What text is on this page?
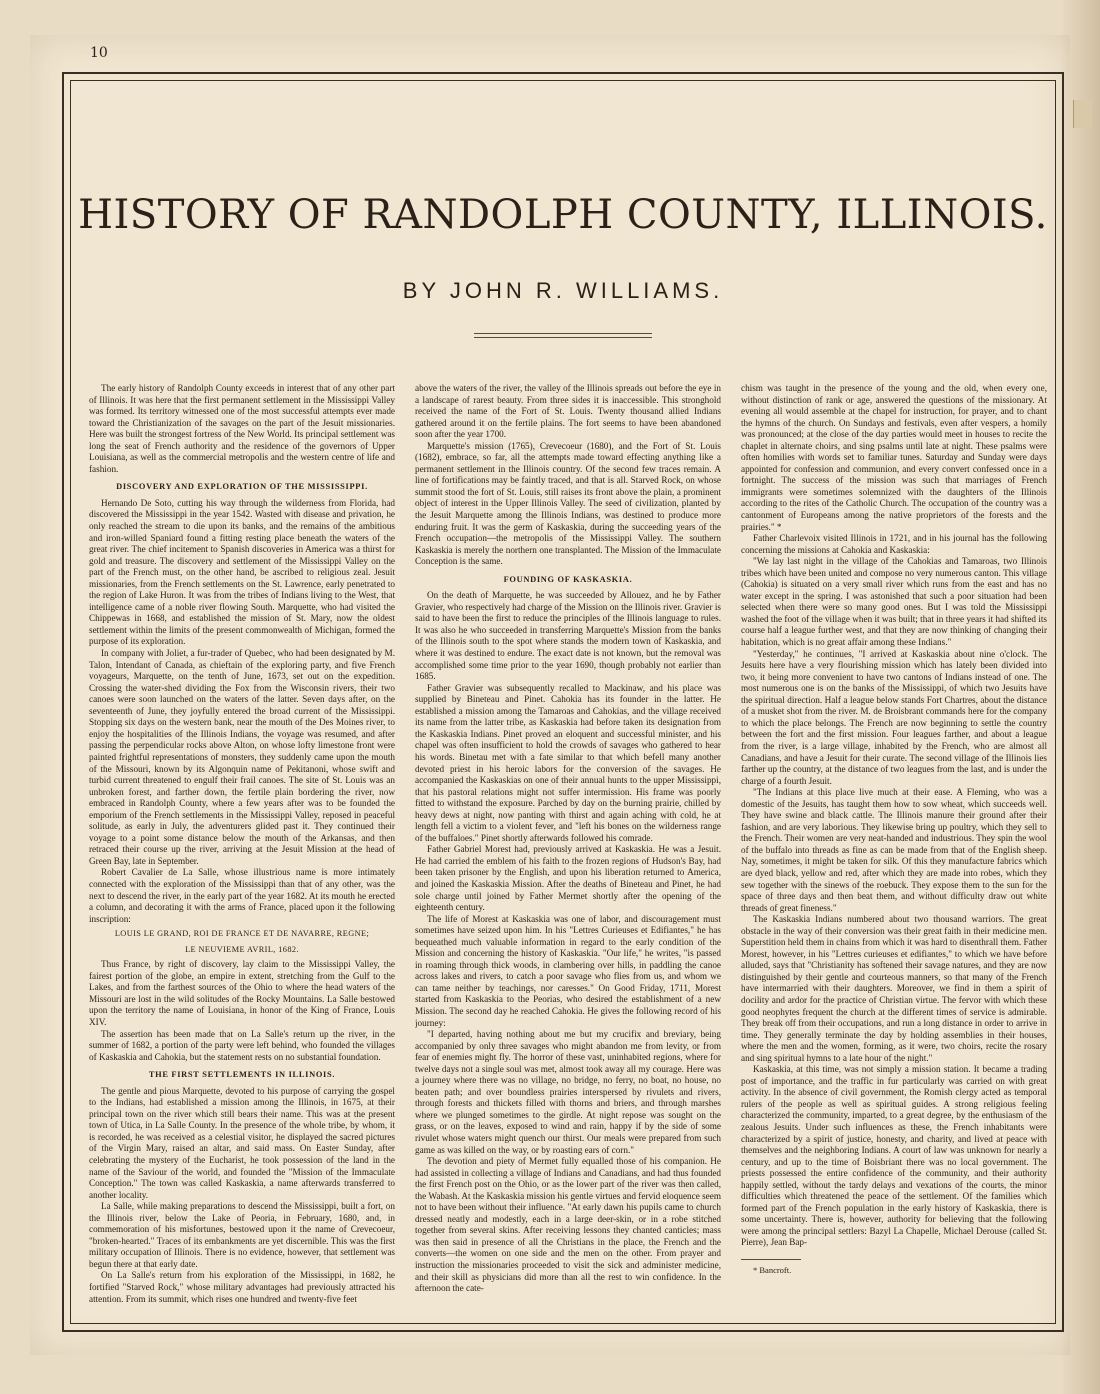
10
HISTORY OF RANDOLPH COUNTY, ILLINOIS.
BY JOHN R. WILLIAMS.

The early history of Randolph County exceeds in interest that of any other part of Illinois. It was here that the first permanent settlement in the Mississippi Valley was formed. Its territory witnessed one of the most successful attempts ever made toward the Christianization of the savages on the part of the Jesuit missionaries. Here was built the strongest fortress of the New World. Its principal settlement was long the seat of French authority and the residence of the governors of Upper Louisiana, as well as the commercial metropolis and the western centre of life and fashion.

DISCOVERY AND EXPLORATION OF THE MISSISSIPPI.

Hernando De Soto, cutting his way through the wilderness from Florida, had discovered the Mississippi in the year 1542. Wasted with disease and privation, he only reached the stream to die upon its banks, and the remains of the ambitious and iron-willed Spaniard found a fitting resting place beneath the waters of the great river. The chief incitement to Spanish discoveries in America was a thirst for gold and treasure. The discovery and settlement of the Mississippi Valley on the part of the French must, on the other hand, be ascribed to religious zeal. Jesuit missionaries, from the French settlements on the St. Lawrence, early penetrated to the region of Lake Huron. It was from the tribes of Indians living to the West, that intelligence came of a noble river flowing South. Marquette, who had visited the Chippewas in 1668, and established the mission of St. Mary, now the oldest settlement within the limits of the present commonwealth of Michigan, formed the purpose of its exploration.

In company with Joliet, a fur-trader of Quebec, who had been designated by M. Talon, Intendant of Canada, as chieftain of the exploring party, and five French voyageurs, Marquette, on the tenth of June, 1673, set out on the expedition. Crossing the water-shed dividing the Fox from the Wisconsin rivers, their two canoes were soon launched on the waters of the latter. Seven days after, on the seventeenth of June, they joyfully entered the broad current of the Mississippi. Stopping six days on the western bank, near the mouth of the Des Moines river, to enjoy the hospitalities of the Illinois Indians, the voyage was resumed, and after passing the perpendicular rocks above Alton, on whose lofty limestone front were painted frightful representations of monsters, they suddenly came upon the mouth of the Missouri, known by its Algonquin name of Pekitanoni, whose swift and turbid current threatened to engulf their frail canoes. The site of St. Louis was an unbroken forest, and farther down, the fertile plain bordering the river, now embraced in Randolph County, where a few years after was to be founded the emporium of the French settlements in the Mississippi Valley, reposed in peaceful solitude, as early in July, the adventurers glided past it. They continued their voyage to a point some distance below the mouth of the Arkansas, and then retraced their course up the river, arriving at the Jesuit Mission at the head of Green Bay, late in September.

Robert Cavalier de La Salle, whose illustrious name is more intimately connected with the exploration of the Mississippi than that of any other, was the next to descend the river, in the early part of the year 1682. At its mouth he erected a column, and decorating it with the arms of France, placed upon it the following inscription:

LOUIS LE GRAND, ROI DE FRANCE ET DE NAVARRE, REGNE;

LE NEUVIEME AVRIL, 1682.

Thus France, by right of discovery, lay claim to the Mississippi Valley, the fairest portion of the globe, an empire in extent, stretching from the Gulf to the Lakes, and from the farthest sources of the Ohio to where the head waters of the Missouri are lost in the wild solitudes of the Rocky Mountains. La Salle bestowed upon the territory the name of Louisiana, in honor of the King of France, Louis XIV.

The assertion has been made that on La Salle's return up the river, in the summer of 1682, a portion of the party were left behind, who founded the villages of Kaskaskia and Cahokia, but the statement rests on no substantial foundation.

THE FIRST SETTLEMENTS IN ILLINOIS.

The gentle and pious Marquette, devoted to his purpose of carrying the gospel to the Indians, had established a mission among the Illinois, in 1675, at their principal town on the river which still bears their name. This was at the present town of Utica, in La Salle County. In the presence of the whole tribe, by whom, it is recorded, he was received as a celestial visitor, he displayed the sacred pictures of the Virgin Mary, raised an altar, and said mass. On Easter Sunday, after celebrating the mystery of the Eucharist, he took possession of the land in the name of the Saviour of the world, and founded the "Mission of the Immaculate Conception." The town was called Kaskaskia, a name afterwards transferred to another locality.

La Salle, while making preparations to descend the Mississippi, built a fort, on the Illinois river, below the Lake of Peoria, in February, 1680, and, in commemoration of his misfortunes, bestowed upon it the name of Crevecoeur, "broken-hearted." Traces of its embankments are yet discernible. This was the first military occupation of Illinois. There is no evidence, however, that settlement was begun there at that early date.

On La Salle's return from his exploration of the Mississippi, in 1682, he fortified "Starved Rock," whose military advantages had previously attracted his attention. From its summit, which rises one hundred and twenty-five feet

above the waters of the river, the valley of the Illinois spreads out before the eye in a landscape of rarest beauty. From three sides it is inaccessible. This stronghold received the name of the Fort of St. Louis. Twenty thousand allied Indians gathered around it on the fertile plains. The fort seems to have been abandoned soon after the year 1700.

Marquette's mission (1765), Crevecoeur (1680), and the Fort of St. Louis (1682), embrace, so far, all the attempts made toward effecting anything like a permanent settlement in the Illinois country. Of the second few traces remain. A line of fortifications may be faintly traced, and that is all. Starved Rock, on whose summit stood the fort of St. Louis, still raises its front above the plain, a prominent object of interest in the Upper Illinois Valley. The seed of civilization, planted by the Jesuit Marquette among the Illinois Indians, was destined to produce more enduring fruit. It was the germ of Kaskaskia, during the succeeding years of the French occupation—the metropolis of the Mississippi Valley. The southern Kaskaskia is merely the northern one transplanted. The Mission of the Immaculate Conception is the same.

FOUNDING OF KASKASKIA.

On the death of Marquette, he was succeeded by Allouez, and he by Father Gravier, who respectively had charge of the Mission on the Illinois river. Gravier is said to have been the first to reduce the principles of the Illinois language to rules. It was also he who succeeded in transferring Marquette's Mission from the banks of the Illinois south to the spot where stands the modern town of Kaskaskia, and where it was destined to endure. The exact date is not known, but the removal was accomplished some time prior to the year 1690, though probably not earlier than 1685.

Father Gravier was subsequently recalled to Mackinaw, and his place was supplied by Bineteau and Pinet. Cahokia has its founder in the latter. He established a mission among the Tamaroas and Cahokias, and the village received its name from the latter tribe, as Kaskaskia had before taken its designation from the Kaskaskia Indians. Pinet proved an eloquent and successful minister, and his chapel was often insufficient to hold the crowds of savages who gathered to hear his words. Binetau met with a fate similar to that which befell many another devoted priest in his heroic labors for the conversion of the savages. He accompanied the Kaskaskias on one of their annual hunts to the upper Mississippi, that his pastoral relations might not suffer intermission. His frame was poorly fitted to withstand the exposure. Parched by day on the burning prairie, chilled by heavy dews at night, now panting with thirst and again aching with cold, he at length fell a victim to a violent fever, and "left his bones on the wilderness range of the buffaloes." Pinet shortly afterwards followed his comrade.

Father Gabriel Morest had, previously arrived at Kaskaskia. He was a Jesuit. He had carried the emblem of his faith to the frozen regions of Hudson's Bay, had been taken prisoner by the English, and upon his liberation returned to America, and joined the Kaskaskia Mission. After the deaths of Bineteau and Pinet, he had sole charge until joined by Father Mermet shortly after the opening of the eighteenth century.

The life of Morest at Kaskaskia was one of labor, and discouragement must sometimes have seized upon him. In his "Lettres Curieuses et Edifiantes," he has bequeathed much valuable information in regard to the early condition of the Mission and concerning the history of Kaskaskia. "Our life," he writes, "is passed in roaming through thick woods, in clambering over hills, in paddling the canoe across lakes and rivers, to catch a poor savage who flies from us, and whom we can tame neither by teachings, nor caresses." On Good Friday, 1711, Morest started from Kaskaskia to the Peorias, who desired the establishment of a new Mission. The second day he reached Cahokia. He gives the following record of his journey:

"I departed, having nothing about me but my crucifix and breviary, being accompanied by only three savages who might abandon me from levity, or from fear of enemies might fly. The horror of these vast, uninhabited regions, where for twelve days not a single soul was met, almost took away all my courage. Here was a journey where there was no village, no bridge, no ferry, no boat, no house, no beaten path; and over boundless prairies interspersed by rivulets and rivers, through forests and thickets filled with thorns and briers, and through marshes where we plunged sometimes to the girdle. At night repose was sought on the grass, or on the leaves, exposed to wind and rain, happy if by the side of some rivulet whose waters might quench our thirst. Our meals were prepared from such game as was killed on the way, or by roasting ears of corn."

The devotion and piety of Mermet fully equalled those of his companion. He had assisted in collecting a village of Indians and Canadians, and had thus founded the first French post on the Ohio, or as the lower part of the river was then called, the Wabash. At the Kaskaskia mission his gentle virtues and fervid eloquence seem not to have been without their influence. "At early dawn his pupils came to church dressed neatly and modestly, each in a large deer-skin, or in a robe stitched together from several skins. After receiving lessons they chanted canticles; mass was then said in presence of all the Christians in the place, the French and the converts—the women on one side and the men on the other. From prayer and instruction the missionaries proceeded to visit the sick and administer medicine, and their skill as physicians did more than all the rest to win confidence. In the afternoon the cate-

chism was taught in the presence of the young and the old, when every one, without distinction of rank or age, answered the questions of the missionary. At evening all would assemble at the chapel for instruction, for prayer, and to chant the hymns of the church. On Sundays and festivals, even after vespers, a homily was pronounced; at the close of the day parties would meet in houses to recite the chaplet in alternate choirs, and sing psalms until late at night. These psalms were often homilies with words set to familiar tunes. Saturday and Sunday were days appointed for confession and communion, and every convert confessed once in a fortnight. The success of the mission was such that marriages of French immigrants were sometimes solemnized with the daughters of the Illinois according to the rites of the Catholic Church. The occupation of the country was a cantonment of Europeans among the native proprietors of the forests and the prairies." *

Father Charlevoix visited Illinois in 1721, and in his journal has the following concerning the missions at Cahokia and Kaskaskia:

"We lay last night in the village of the Cahokias and Tamaroas, two Illinois tribes which have been united and compose no very numerous canton. This village (Cahokia) is situated on a very small river which runs from the east and has no water except in the spring. I was astonished that such a poor situation had been selected when there were so many good ones. But I was told the Mississippi washed the foot of the village when it was built; that in three years it had shifted its course half a league further west, and that they are now thinking of changing their habitation, which is no great affair among these Indians."

"Yesterday," he continues, "I arrived at Kaskaskia about nine o'clock. The Jesuits here have a very flourishing mission which has lately been divided into two, it being more convenient to have two cantons of Indians instead of one. The most numerous one is on the banks of the Mississippi, of which two Jesuits have the spiritual direction. Half a league below stands Fort Chartres, about the distance of a musket shot from the river. M. de Broisbrant commands here for the company to which the place belongs. The French are now beginning to settle the country between the fort and the first mission. Four leagues farther, and about a league from the river, is a large village, inhabited by the French, who are almost all Canadians, and have a Jesuit for their curate. The second village of the Illinois lies farther up the country, at the distance of two leagues from the last, and is under the charge of a fourth Jesuit.

"The Indians at this place live much at their ease. A Fleming, who was a domestic of the Jesuits, has taught them how to sow wheat, which succeeds well. They have swine and black cattle. The Illinois manure their ground after their fashion, and are very laborious. They likewise bring up poultry, which they sell to the French. Their women are very neat-handed and industrious. They spin the wool of the buffalo into threads as fine as can be made from that of the English sheep. Nay, sometimes, it might be taken for silk. Of this they manufacture fabrics which are dyed black, yellow and red, after which they are made into robes, which they sew together with the sinews of the roebuck. They expose them to the sun for the space of three days and then beat them, and without difficulty draw out white threads of great fineness."

The Kaskaskia Indians numbered about two thousand warriors. The great obstacle in the way of their conversion was their great faith in their medicine men. Superstition held them in chains from which it was hard to disenthrall them. Father Morest, however, in his "Lettres curieuses et edifiantes," to which we have before alluded, says that "Christianity has softened their savage natures, and they are now distinguished by their gentle and courteous manners, so that many of the French have intermarried with their daughters. Moreover, we find in them a spirit of docility and ardor for the practice of Christian virtue. The fervor with which these good neophytes frequent the church at the different times of service is admirable. They break off from their occupations, and run a long distance in order to arrive in time. They generally terminate the day by holding assemblies in their houses, where the men and the women, forming, as it were, two choirs, recite the rosary and sing spiritual hymns to a late hour of the night."

Kaskaskia, at this time, was not simply a mission station. It became a trading post of importance, and the traffic in fur particularly was carried on with great activity. In the absence of civil government, the Romish clergy acted as temporal rulers of the people as well as spiritual guides. A strong religious feeling characterized the community, imparted, to a great degree, by the enthusiasm of the zealous Jesuits. Under such influences as these, the French inhabitants were characterized by a spirit of justice, honesty, and charity, and lived at peace with themselves and the neighboring Indians. A court of law was unknown for nearly a century, and up to the time of Boisbriant there was no local government. The priests possessed the entire confidence of the community, and their authority happily settled, without the tardy delays and vexations of the courts, the minor difficulties which threatened the peace of the settlement. Of the families which formed part of the French population in the early history of Kaskaskia, there is some uncertainty. There is, however, authority for believing that the following were among the principal settlers: Bazyl La Chapelle, Michael Derouse (called St. Pierre), Jean Bap-

* Bancroft.
